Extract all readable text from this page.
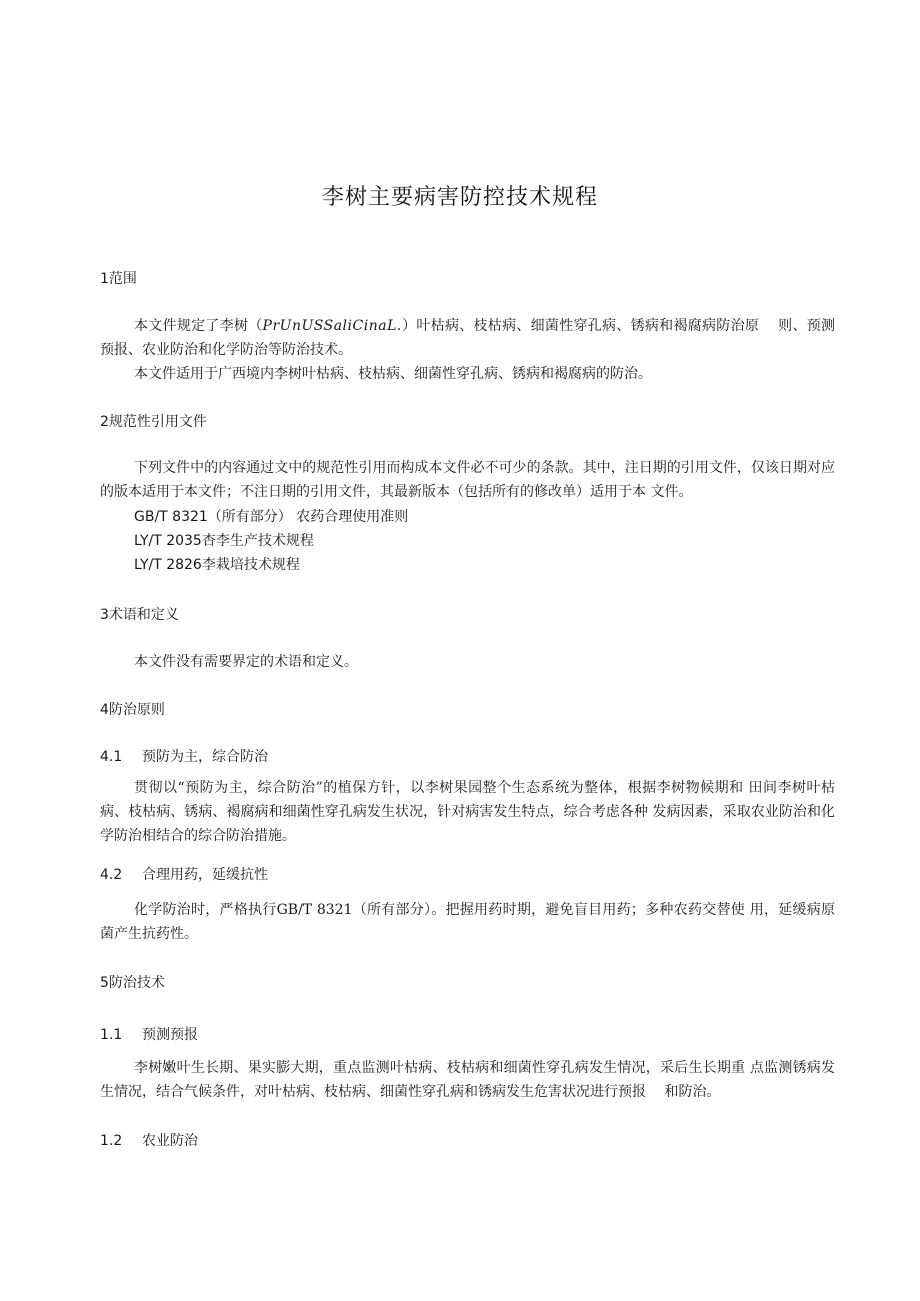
李树主要病害防控技术规程
1范围
本文件规定了李树（PrUnUSSaliCinaL.）叶枯病、枝枯病、细菌性穿孔病、锈病和褐腐病防治原　 则、预测预报、农业防治和化学防治等防治技术。
本文件适用于广西境内李树叶枯病、枝枯病、细菌性穿孔病、锈病和褐腐病的防治。
2规范性引用文件
下列文件中的内容通过文中的规范性引用而构成本文件必不可少的条款。其中，注日期的引用文件，仅该日期对应的版本适用于本文件；不注日期的引用文件，其最新版本（包括所有的修改单）适用于本 文件。
GB/T 8321（所有部分） 农药合理使用准则
LY/T 2035杏李生产技术规程
LY/T 2826李栽培技术规程
3术语和定义
本文件没有需要界定的术语和定义。
4防治原则
4.1 预防为主，综合防治
贯彻以“预防为主，综合防治”的植保方针，以李树果园整个生态系统为整体，根据李树物候期和 田间李树叶枯病、枝枯病、锈病、褐腐病和细菌性穿孔病发生状况，针对病害发生特点，综合考虑各种 发病因素，采取农业防治和化学防治相结合的综合防治措施。
4.2 合理用药，延缓抗性
化学防治时，严格执行GB/T 8321（所有部分）。把握用药时期，避免盲目用药；多种农药交替使 用，延缓病原菌产生抗药性。
5防治技术
1.1 预测预报
李树嫩叶生长期、果实膨大期，重点监测叶枯病、枝枯病和细菌性穿孔病发生情况，采后生长期重 点监测锈病发生情况，结合气候条件，对叶枯病、枝枯病、细菌性穿孔病和锈病发生危害状况进行预报　 和防治。
1.2 农业防治
